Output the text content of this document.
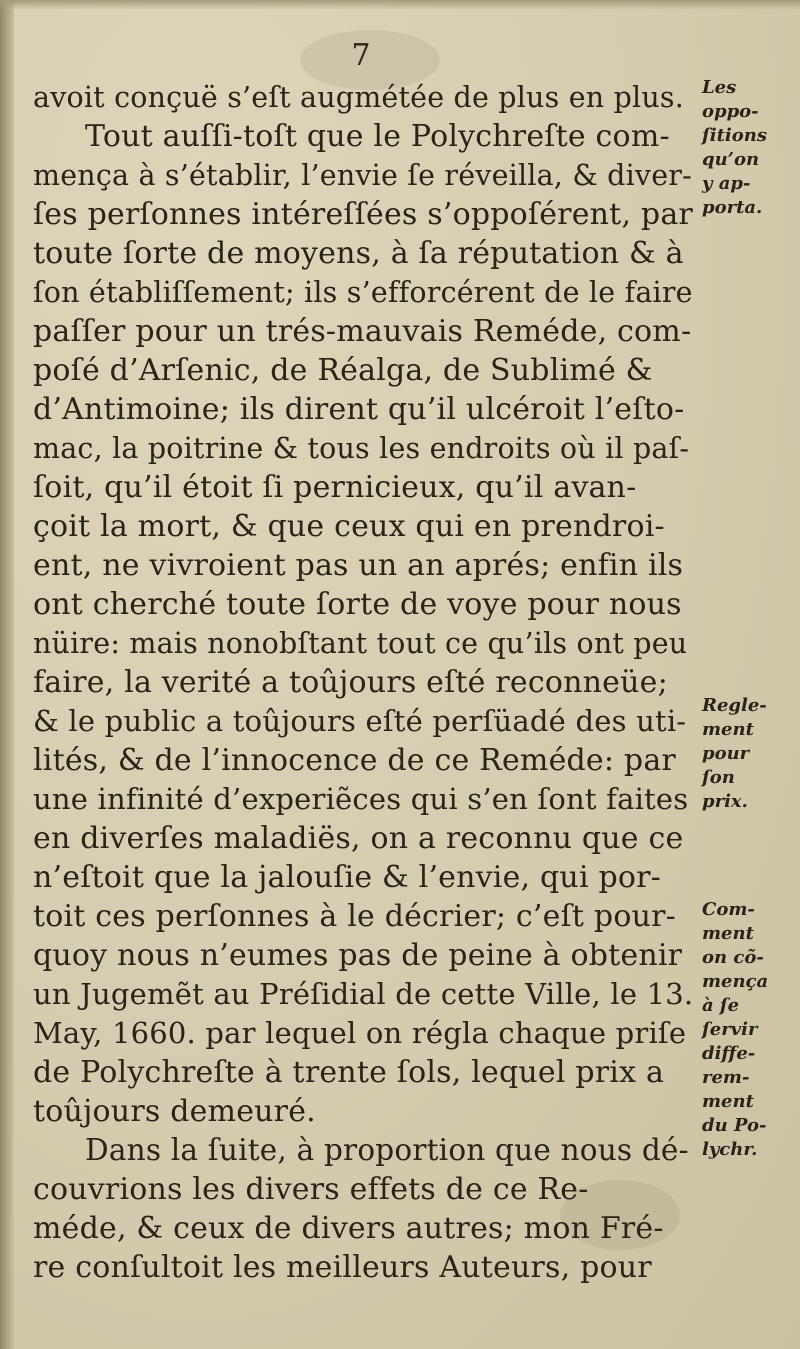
7
avoit conçuë s’eſt augmétée de plus en plus.
Tout auſſi-toſt que le Polychreſte com-
mença à s’établir, l’envie ſe réveilla, & diver-
ſes perſonnes intéreſſées s’oppoſérent, par
toute ſorte de moyens, à ſa réputation & à
ſon établiſſement; ils s’efforcérent de le faire
paſſer pour un trés-mauvais Reméde, com-
poſé d’Arſenic, de Réalga, de Sublimé &
d’Antimoine; ils dirent qu’il ulcéroit l’eſto-
mac, la poitrine & tous les endroits où il paſ-
ſoit, qu’il étoit ſi pernicieux, qu’il avan-
çoit la mort, & que ceux qui en prendroi-
ent, ne vivroient pas un an aprés; enfin ils
ont cherché toute ſorte de voye pour nous
nüire: mais nonobſtant tout ce qu’ils ont peu
faire, la verité a toûjours eſté reconneüe;
& le public a toûjours eſté perſüadé des uti-
lités, & de l’innocence de ce Reméde: par
une infinité d’experiẽces qui s’en ſont faites
en diverſes maladiës, on a reconnu que ce
n’eſtoit que la jalouſie & l’envie, qui por-
toit ces perſonnes à le décrier; c’eſt pour-
quoy nous n’eumes pas de peine à obtenir
un Jugemẽt au Préſidial de cette Ville, le 13.
May, 1660. par lequel on régla chaque priſe
de Polychreſte à trente ſols, lequel prix a
toûjours demeuré.
Dans la ſuite, à proportion que nous dé-
couvrions les divers effets de ce Re-
méde, & ceux de divers autres; mon Fré-
re conſultoit les meilleurs Auteurs, pour
Les
oppo-
ſitions
qu’on
y ap-
porta.
Regle-
ment
pour
ſon
prix.
Com-
ment
on cõ-
mença
à ſe
ſervir
diffe-
rem-
ment
du Po-
lychr.
